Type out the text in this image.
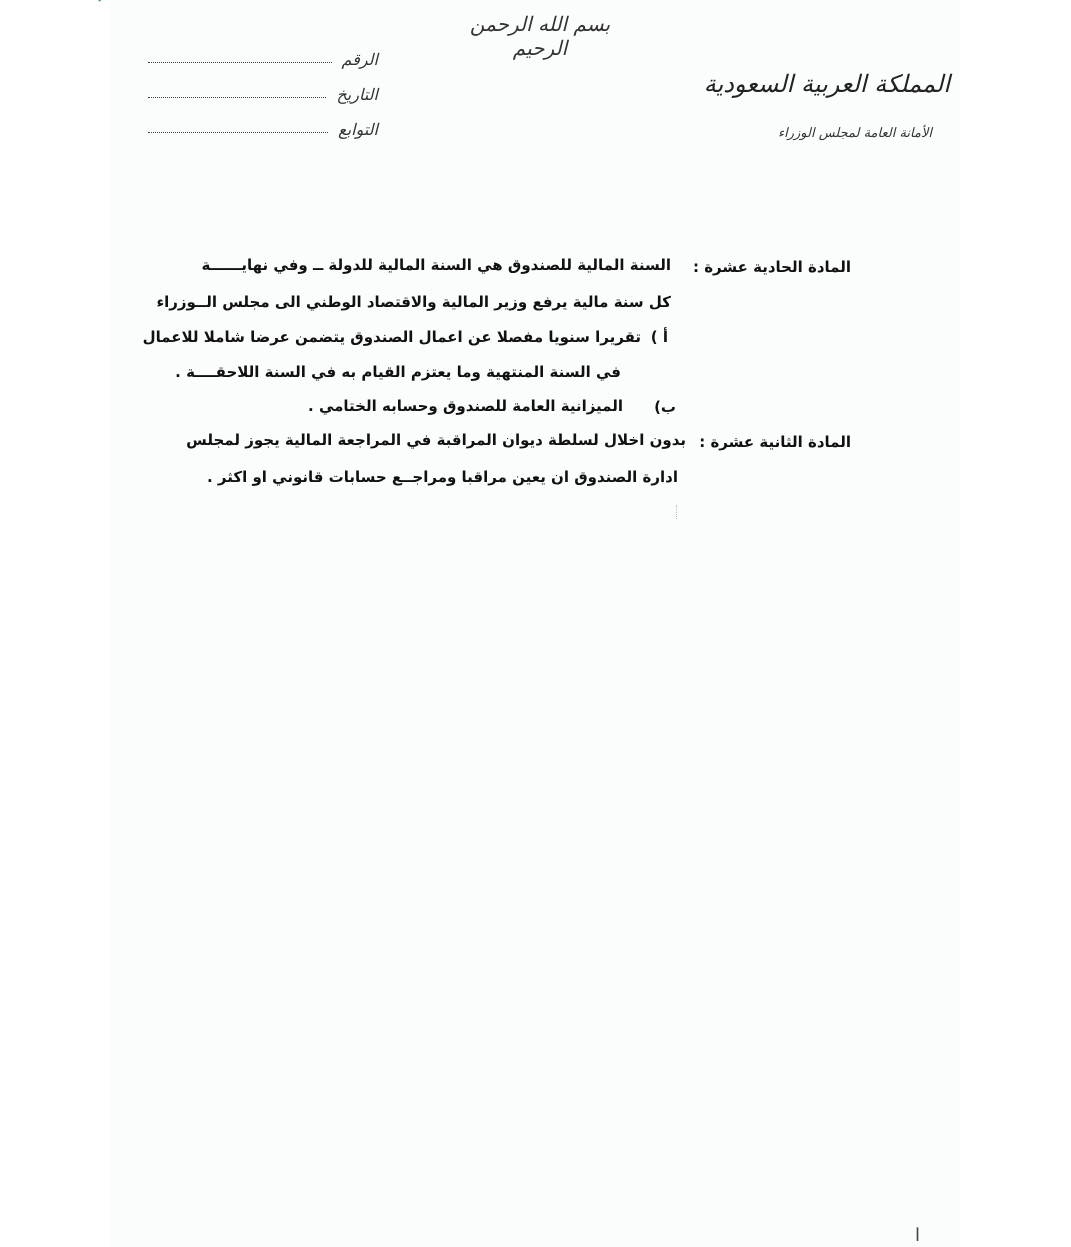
بسم الله الرحمن الرحيم
الرقم
التاريخ
التوابع
المملكة العربية السعودية
الأمانة العامة لمجلس الوزراء
المادة الحادية عشرة :
السنة المالية للصندوق هي السنة المالية للدولة ــ وفي نهايــــــة
كل سنة مالية يرفع وزير المالية والاقتصاد الوطني الى مجلس الــوزراء
أ )
تقريرا سنويا مفصلا عن اعمال الصندوق يتضمن عرضا شاملا للاعمال
في السنة المنتهية وما يعتزم القيام به في السنة اللاحقــــة .
ب)
الميزانية العامة للصندوق وحسابه الختامي .
المادة الثانية عشرة :
بدون اخلال لسلطة ديوان المراقبة في المراجعة المالية يجوز لمجلس
ادارة الصندوق ان يعين مراقبا ومراجــع حسابات قانوني او اكثر .
ا
